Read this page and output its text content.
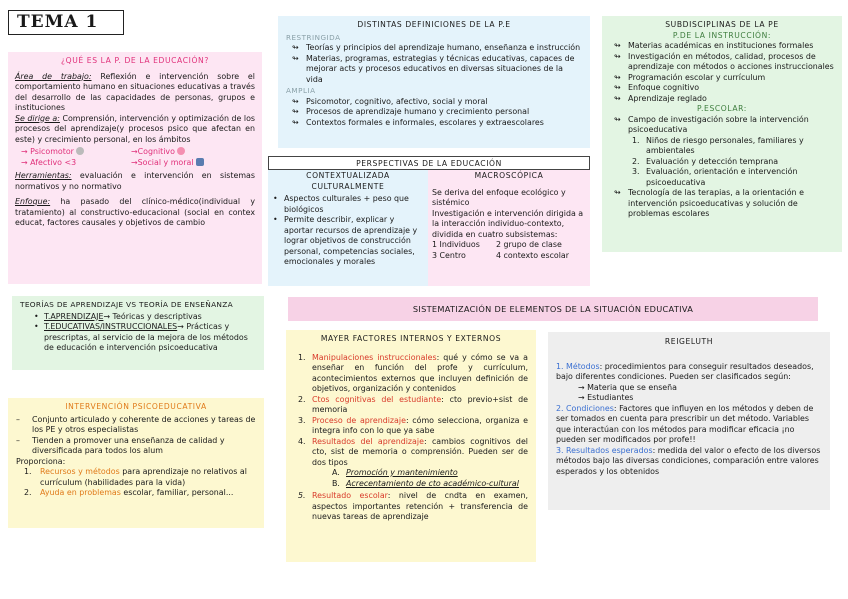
TEMA 1
¿QUÉ ES LA P. DE LA EDUCACIÓN?
Área de trabajo: Reflexión e intervención sobre el comportamiento humano en situaciones educativas a través del desarrollo de las capacidades de personas, grupos e instituciones
Se dirige a: Comprensión, intervención y optimización de los procesos del aprendizaje(y procesos psico que afectan en este) y crecimiento personal, en los ámbitos
→ Psicomotor	→Cognitivo
→ Afectivo <3	→Social y moral
Herramientas: evaluación e intervención en sistemas normativos y no normativo
Enfoque: ha pasado del clínico-médico(individual y tratamiento) al constructivo-educacional (social en contex educat, factores causales y objetivos de cambio
DISTINTAS DEFINICIONES DE LA P.E
RESTRINGIDA
↬ Teorías y principios del aprendizaje humano, enseñanza e instrucción
↬ Materias, programas, estrategias y técnicas educativas, capaces de mejorar acts y procesos educativos en diversas situaciones de la vida
AMPLIA
↬ Psicomotor, cognitivo, afectivo, social y moral
↬ Procesos de aprendizaje humano y crecimiento personal
↬ Contextos formales e informales, escolares y extraescolares
PERSPECTIVAS DE LA EDUCACIÓN
CONTEXTUALIZADA CULTURALMENTE
• Aspectos culturales + peso que biológicos
• Permite describir, explicar y aportar recursos de aprendizaje y lograr objetivos de construcción personal, competencias sociales, emocionales y morales
MACROSCÓPICA
Se deriva del enfoque ecológico y sistémico
Investigación e intervención dirigida a la interacción individuo-contexto, dividida en cuatro subsistemas:
1 Individuos	2 grupo de clase
3 Centro	4 contexto escolar
SUBDISCIPLINAS DE LA PE
P.DE LA INSTRUCCIÓN:
↬ Materias académicas en instituciones formales
↬ Investigación en métodos, calidad, procesos de aprendizaje con métodos o acciones instruccionales
↬ Programación escolar y currículum
↬ Enfoque cognitivo
↬ Aprendizaje reglado
P.ESCOLAR:
↬ Campo de investigación sobre la intervención psicoeducativa
1. Niños de riesgo personales, familiares y ambientales
2. Evaluación y detección temprana
3. Evaluación, orientación e intervención psicoeducativa
↬ Tecnología de las terapias, a la orientación e intervención psicoeducativas y solución de problemas escolares
TEORÍAS DE APRENDIZAJE VS TEORÍA DE ENSEÑANZA
• T.APRENDIZAJE→ Teóricas y descriptivas
• T.EDUCATIVAS/INSTRUCCIONALES→ Prácticas y prescriptas, al servicio de la mejora de los métodos de educación e intervención psicoeducativa
INTERVENCIÓN PSICOEDUCATIVA
– Conjunto articulado y coherente de acciones y tareas de los PE y otros especialistas
– Tienden a promover una enseñanza de calidad y diversificada para todos los alum
Proporciona:
1. Recursos y métodos para aprendizaje no relativos al currículum (habilidades para la vida)
2. Ayuda en problemas escolar, familiar, personal...
SISTEMATIZACIÓN DE ELEMENTOS DE LA SITUACIÓN EDUCATIVA
MAYER FACTORES INTERNOS Y EXTERNOS
1. Manipulaciones instruccionales: qué y cómo se va a enseñar en función del profe y currículum, acontecimientos externos que incluyen definición de objetivos, organización y contenidos
2. Ctos cognitivas del estudiante: cto previo+sist de memoria
3. Proceso de aprendizaje: cómo selecciona, organiza e integra info con lo que ya sabe
4. Resultados del aprendizaje: cambios cognitivos del cto, sist de memoria o comprensión. Pueden ser de dos tipos
A. Promoción y mantenimiento
B. Acrecentamiento de cto académico-cultural
5. Resultado escolar: nivel de cndta en examen, aspectos importantes retención + transferencia de nuevas tareas de aprendizaje
REIGELUTH
1. Métodos: procedimientos para conseguir resultados deseados, bajo diferentes condiciones. Pueden ser clasificados según:
→ Materia que se enseña
→ Estudiantes
2. Condiciones: Factores que influyen en los métodos y deben de ser tomados en cuenta para prescribir un det método. Variables que interactúan con los métodos para modificar eficacia ¡no pueden ser modificados por profe!!
3. Resultados esperados: medida del valor o efecto de los diversos métodos bajo las diversas condiciones, comparación entre valores esperados y los obtenidos
